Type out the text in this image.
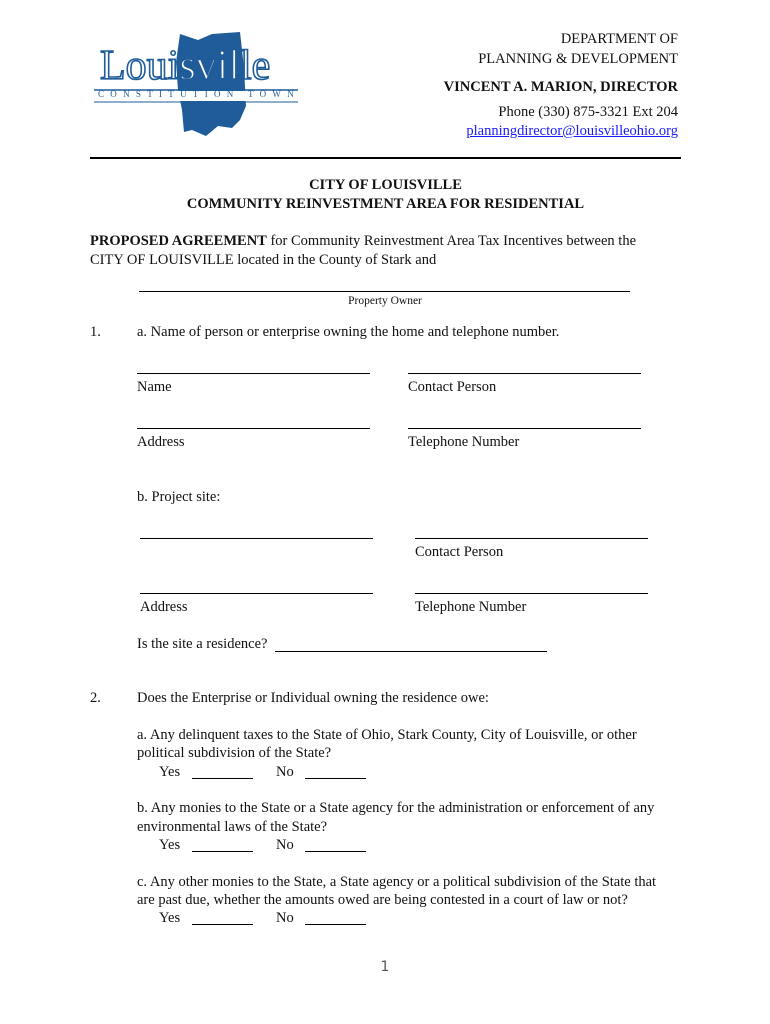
Louisville
CONSTITUTION TOWN
DEPARTMENT OF
PLANNING & DEVELOPMENT
VINCENT A. MARION, DIRECTOR
Phone (330) 875-3321 Ext 204
planningdirector@louisvilleohio.org
CITY OF LOUISVILLE
COMMUNITY REINVESTMENT AREA FOR RESIDENTIAL
PROPOSED AGREEMENT for Community Reinvestment Area Tax Incentives between the
CITY OF LOUISVILLE located in the County of Stark and
Property Owner
1. a. Name of person or enterprise owning the home and telephone number.
Name	Contact Person
Address	Telephone Number
b. Project site:
Contact Person
Address	Telephone Number
Is the site a residence?
2. Does the Enterprise or Individual owning the residence owe:
a. Any delinquent taxes to the State of Ohio, Stark County, City of Louisville, or other
political subdivision of the State?
Yes	No
b. Any monies to the State or a State agency for the administration or enforcement of any
environmental laws of the State?
Yes	No
c. Any other monies to the State, a State agency or a political subdivision of the State that
are past due, whether the amounts owed are being contested in a court of law or not?
Yes	No
1
